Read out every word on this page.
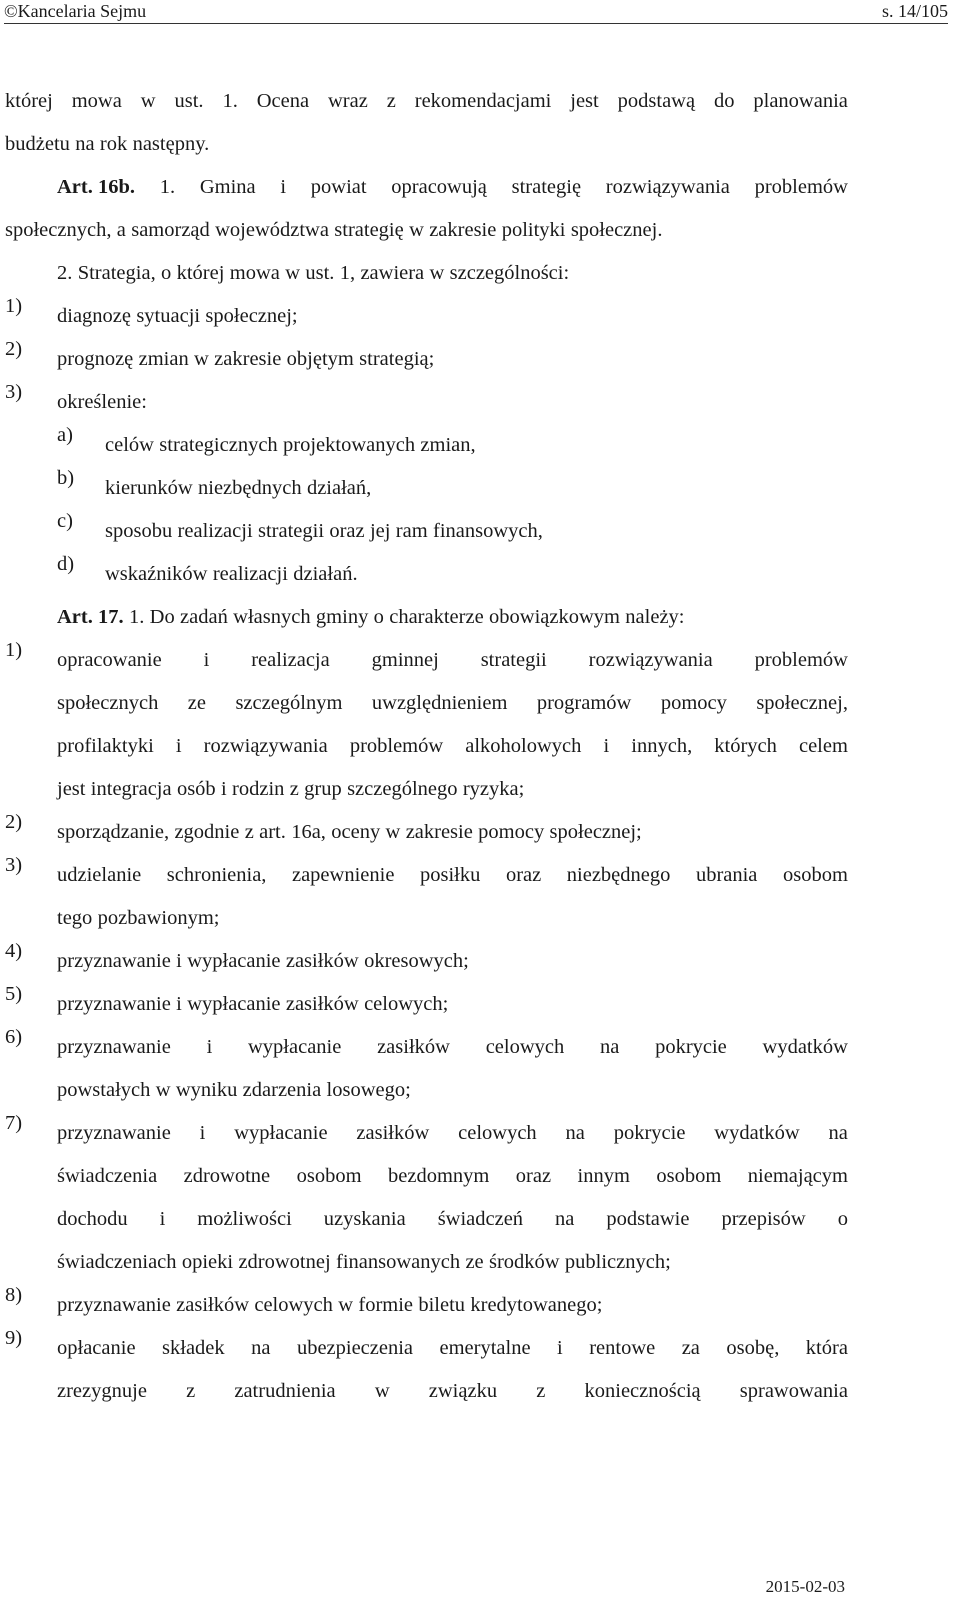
©Kancelaria Sejmu	s. 14/105
której mowa w ust. 1. Ocena wraz z rekomendacjami jest podstawą do planowania
budżetu na rok następny.
Art. 16b. 1. Gmina i powiat opracowują strategię rozwiązywania problemów
społecznych, a samorząd województwa strategię w zakresie polityki społecznej.
2. Strategia, o której mowa w ust. 1, zawiera w szczególności:
1)	diagnozę sytuacji społecznej;
2)	prognozę zmian w zakresie objętym strategią;
3)	określenie:
a)	celów strategicznych projektowanych zmian,
b)	kierunków niezbędnych działań,
c)	sposobu realizacji strategii oraz jej ram finansowych,
d)	wskaźników realizacji działań.
Art. 17. 1. Do zadań własnych gminy o charakterze obowiązkowym należy:
1)	opracowanie i realizacja gminnej strategii rozwiązywania problemów
społecznych ze szczególnym uwzględnieniem programów pomocy społecznej,
profilaktyki i rozwiązywania problemów alkoholowych i innych, których celem
jest integracja osób i rodzin z grup szczególnego ryzyka;
2)	sporządzanie, zgodnie z art. 16a, oceny w zakresie pomocy społecznej;
3)	udzielanie schronienia, zapewnienie posiłku oraz niezbędnego ubrania osobom
tego pozbawionym;
4)	przyznawanie i wypłacanie zasiłków okresowych;
5)	przyznawanie i wypłacanie zasiłków celowych;
6)	przyznawanie i wypłacanie zasiłków celowych na pokrycie wydatków
powstałych w wyniku zdarzenia losowego;
7)	przyznawanie i wypłacanie zasiłków celowych na pokrycie wydatków na
świadczenia zdrowotne osobom bezdomnym oraz innym osobom niemającym
dochodu i możliwości uzyskania świadczeń na podstawie przepisów o
świadczeniach opieki zdrowotnej finansowanych ze środków publicznych;
8)	przyznawanie zasiłków celowych w formie biletu kredytowanego;
9)	opłacanie składek na ubezpieczenia emerytalne i rentowe za osobę, która
zrezygnuje z zatrudnienia w związku z koniecznością sprawowania
2015-02-03
